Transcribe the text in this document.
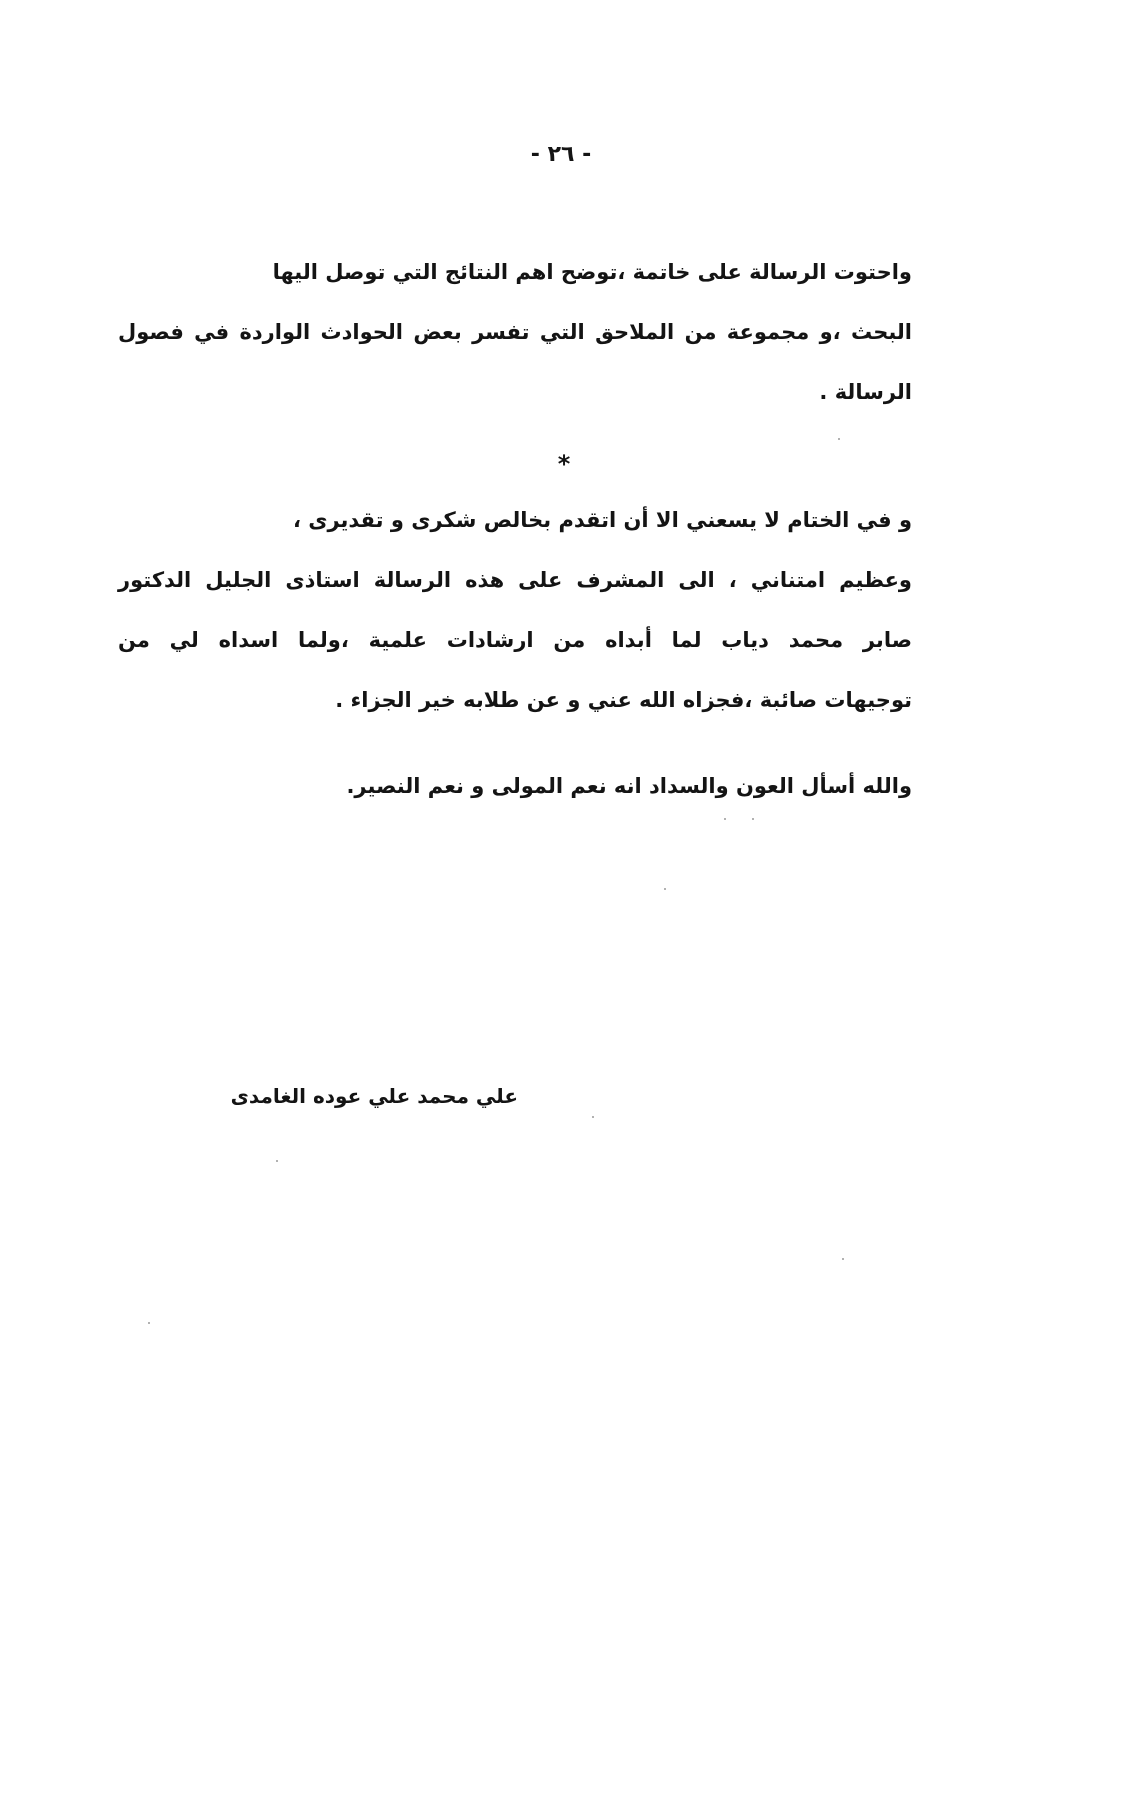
- ٢٦ -
واحتوت الرسالة على خاتمة ،توضح اهم النتائج التي توصل اليها
البحث ،و مجموعة من الملاحق التي تفسر بعض الحوادث الواردة في فصول
الرسالة .
*
و في الختام لا يسعني الا أن اتقدم بخالص شكرى و تقديرى ،
وعظيم امتناني ، الى المشرف على هذه الرسالة استاذى الجليل الدكتور
صابر محمد دياب لما أبداه من ارشادات علمية ،ولما اسداه لي من
توجيهات صائبة ،فجزاه الله عني و عن طلابه خير الجزاء .
والله أسأل العون والسداد انه نعم المولى و نعم النصير.
علي محمد علي عوده الغامدى
